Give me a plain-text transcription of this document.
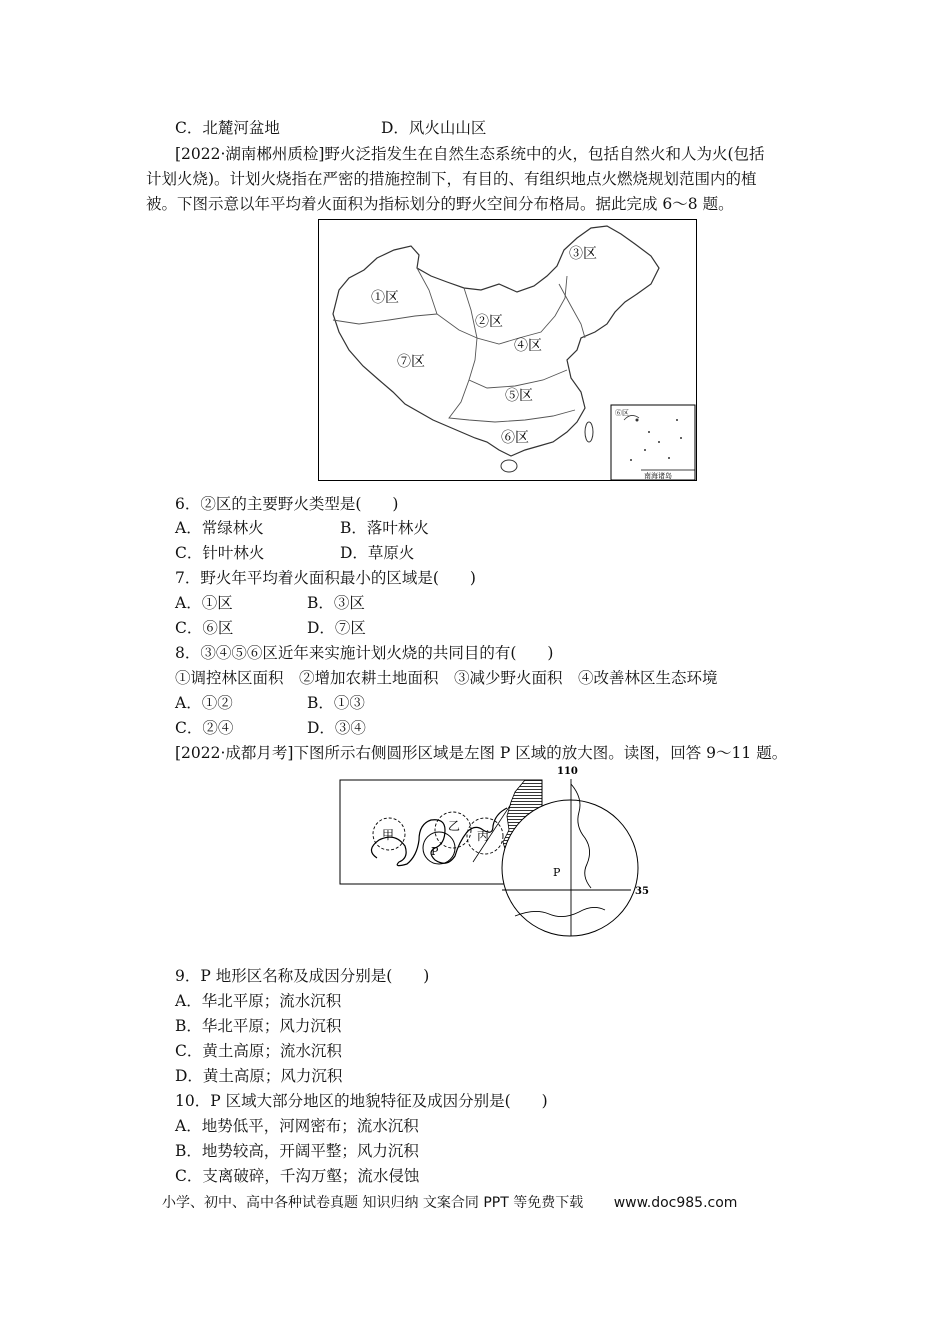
C．北麓河盆地	D．风火山山区
[2022·湖南郴州质检]野火泛指发生在自然生态系统中的火，包括自然火和人为火(包括
计划火烧)。计划火烧指在严密的措施控制下，有目的、有组织地点火燃烧规划范围内的植
被。下图示意以年平均着火面积为指标划分的野火空间分布格局。据此完成 6～8 题。
①区
②区
③区
④区
⑤区
⑥区
⑦区
⑥区
南海诸岛
6．②区的主要野火类型是(　　)
A．常绿林火	B．落叶林火
C．针叶林火	D．草原火
7．野火年平均着火面积最小的区域是(　　)
A．①区	B．③区
C．⑥区	D．⑦区
8．③④⑤⑥区近年来实施计划火烧的共同目的有(　　)
①调控林区面积　②增加农耕土地面积　③减少野火面积　④改善林区生态环境
A．①②	B．①③
C．②④	D．③④
[2022·成都月考]下图所示右侧圆形区域是左图 P 区域的放大图。读图，回答 9～11 题。
甲
乙
丙
P
110
35
P
9．P 地形区名称及成因分别是(　　)
A．华北平原；流水沉积
B．华北平原；风力沉积
C．黄土高原；流水沉积
D．黄土高原；风力沉积
10．P 区域大部分地区的地貌特征及成因分别是(　　)
A．地势低平，河网密布；流水沉积
B．地势较高，开阔平整；风力沉积
C．支离破碎，千沟万壑；流水侵蚀
小学、初中、高中各种试卷真题 知识归纳 文案合同 PPT 等免费下载 www.doc985.com
